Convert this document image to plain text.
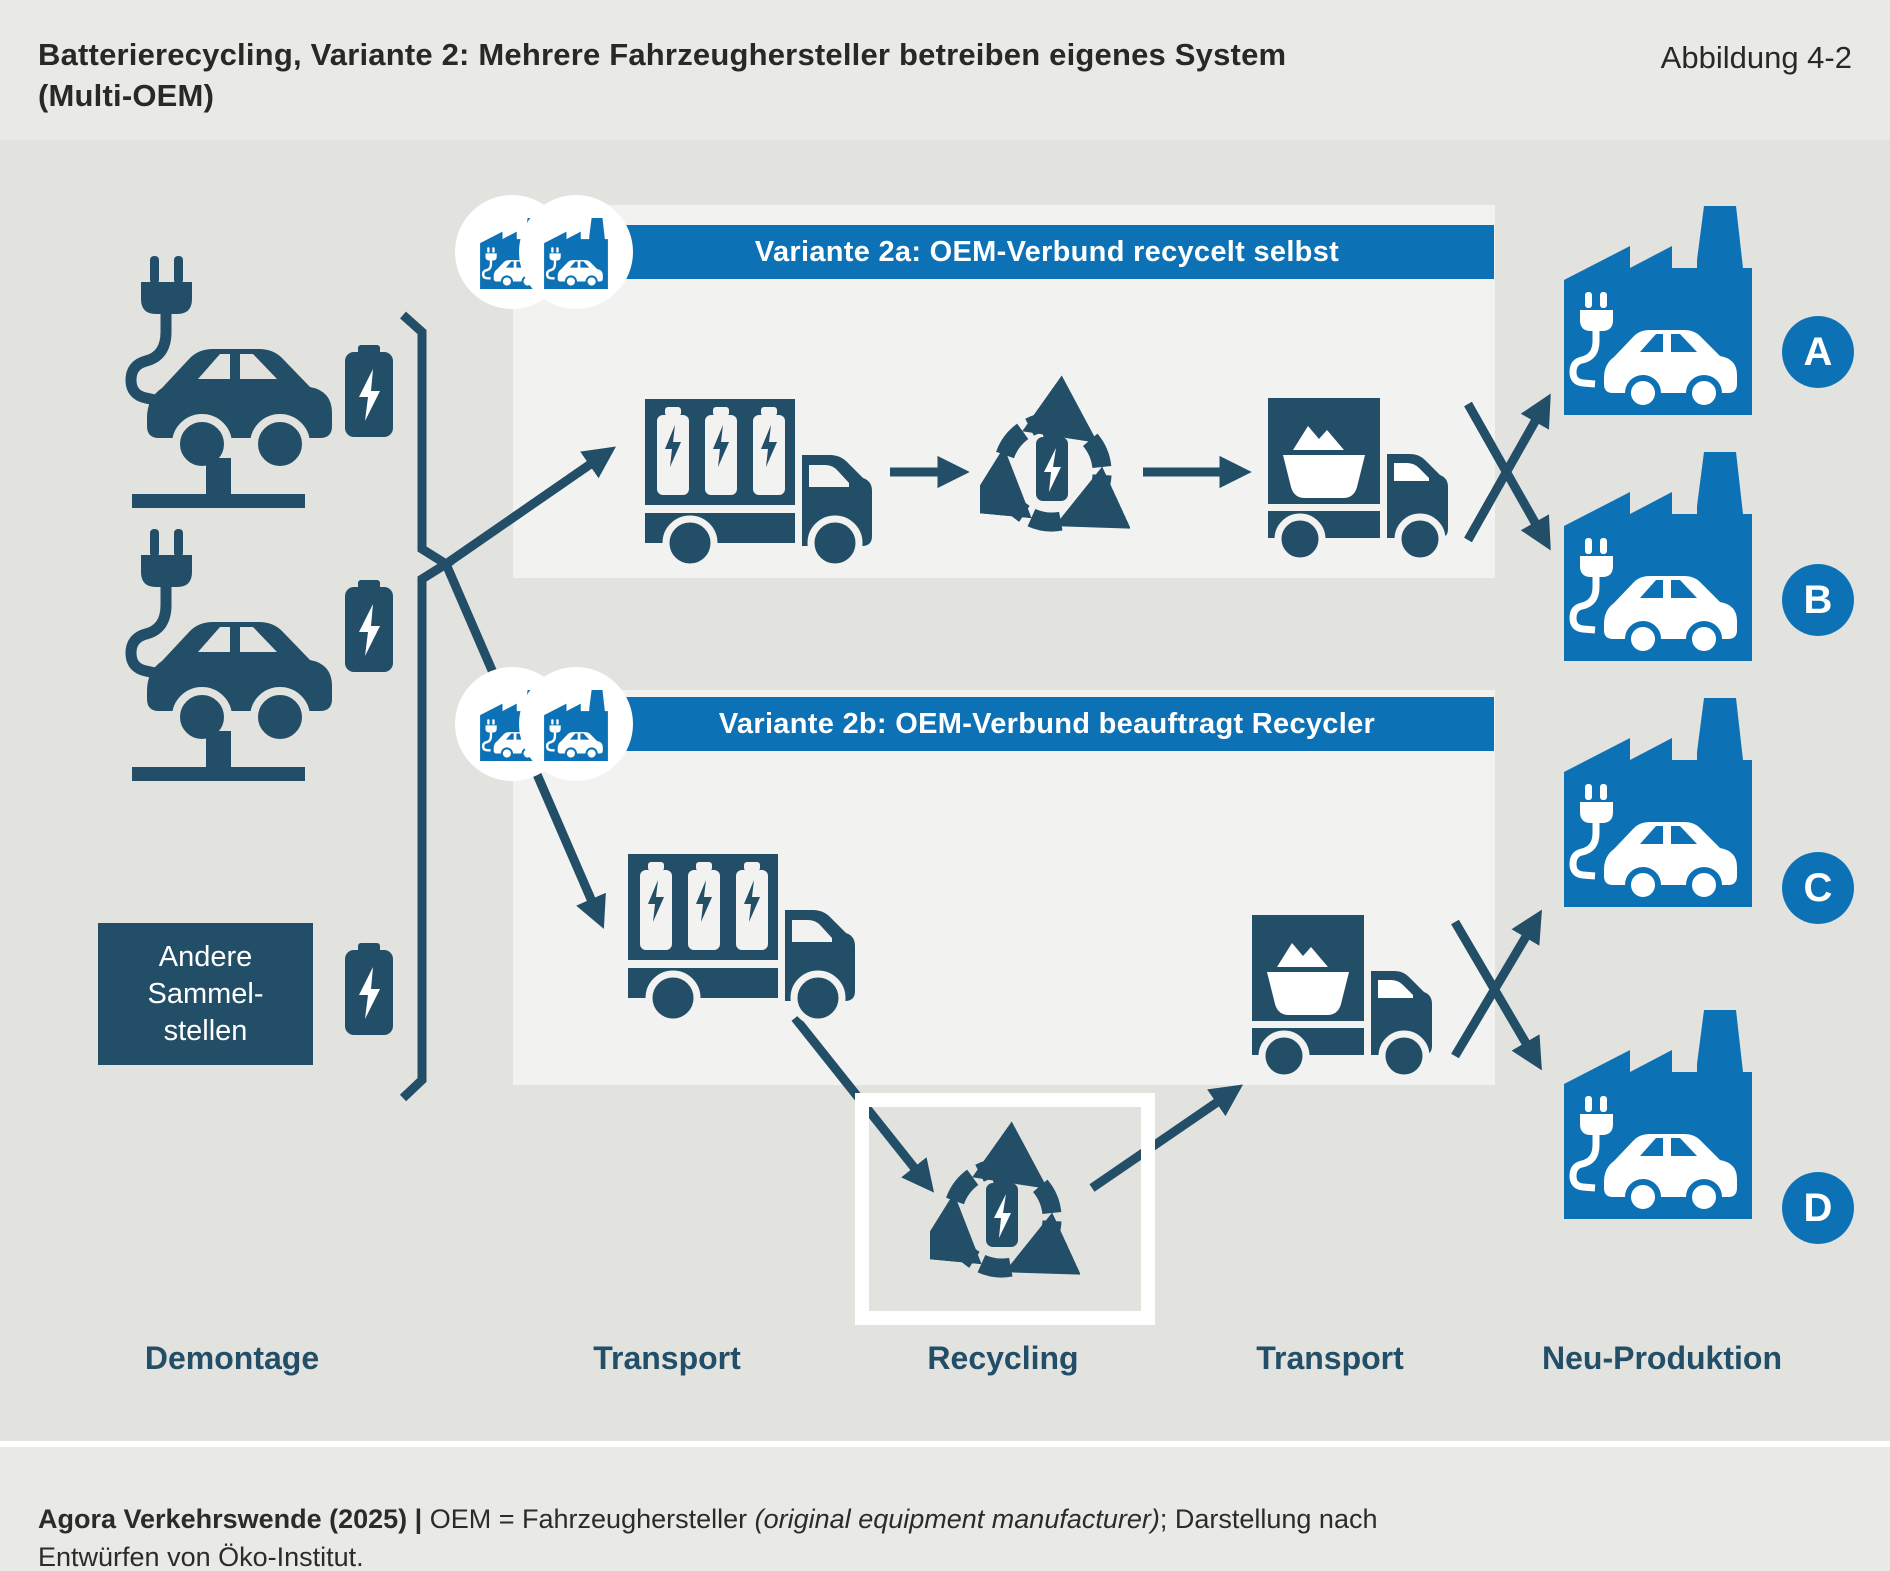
Batterierecycling, Variante 2: Mehrere Fahrzeughersteller betreiben eigenes System
(Multi-OEM)
Abbildung 4-2
Variante 2a: OEM-Verbund recycelt selbst
Variante 2b: OEM-Verbund beauftragt Recycler
Andere
Sammel-
stellen
A
B
C
D
Demontage	Transport	Recycling	Transport	Neu-Produktion

Agora Verkehrswende (2025) | OEM = Fahrzeughersteller (original equipment manufacturer); Darstellung nach Entwürfen von Öko-Institut.
